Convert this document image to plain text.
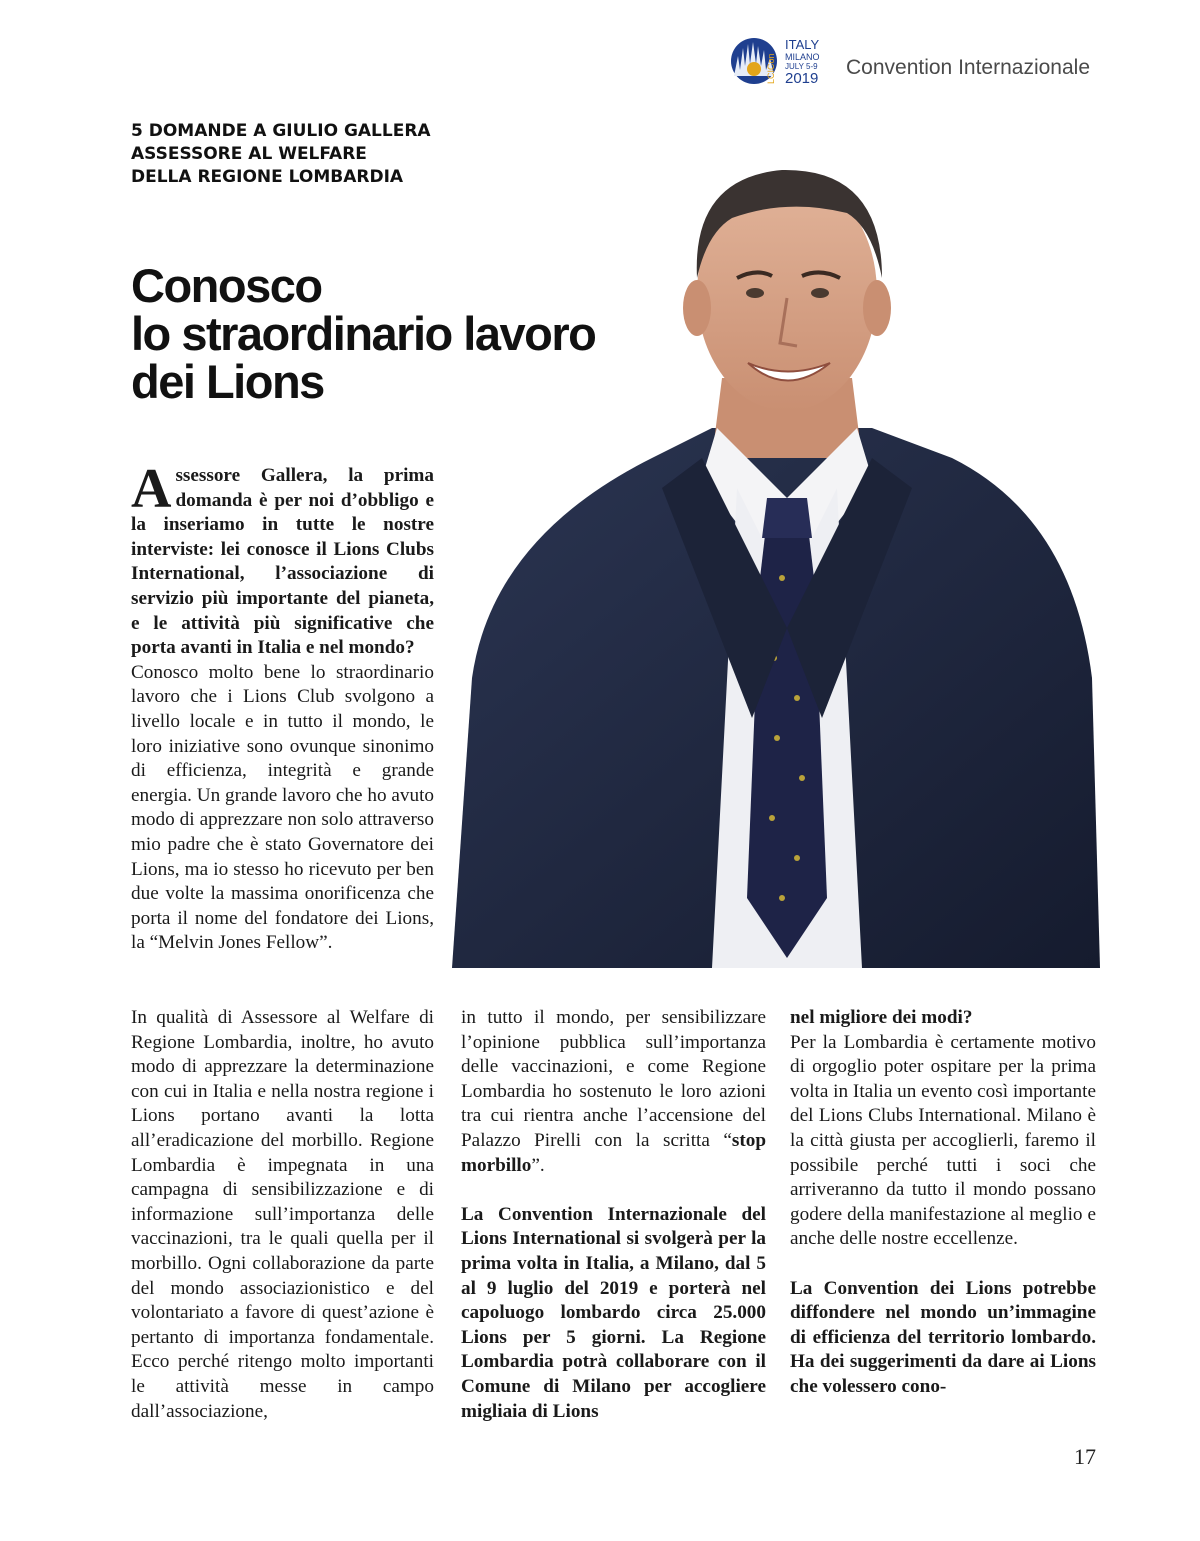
LCICon
ITALY
MILANO
JULY 5-9
2019 Convention Internazionale
5 DOMANDE A GIULIO GALLERA
ASSESSORE AL WELFARE
DELLA REGIONE LOMBARDIA
Conosco
lo straordinario lavoro
dei Lions

Assessore Gallera, la prima domanda è per noi d’obbligo e la inseriamo in tutte le nostre interviste: lei conosce il Lions Clubs International, l’associazione di servizio più importante del pianeta, e le attività più significative che porta avanti in Italia e nel mondo?

Conosco molto bene lo straordinario lavoro che i Lions Club svolgono a livello locale e in tutto il mondo, le loro iniziative sono ovunque sinonimo di efficienza, integrità e grande energia. Un grande lavoro che ho avuto modo di apprezzare non solo attraverso mio padre che è stato Governatore dei Lions, ma io stesso ho ricevuto per ben due volte la massima onorificenza che porta il nome del fondatore dei Lions, la “Melvin Jones Fellow”.

In qualità di Assessore al Welfare di Regione Lombardia, inoltre, ho avuto modo di apprezzare la determinazione con cui in Italia e nella nostra regione i Lions portano avanti la lotta all’eradicazione del morbillo. Regione Lombardia è impegnata in una campagna di sensibilizzazione e di informazione sull’importanza delle vaccinazioni, tra le quali quella per il morbillo. Ogni collaborazione da parte del mondo associazionistico e del volontariato a favore di quest’azione è pertanto di importanza fondamentale. Ecco perché ritengo molto importanti le attività messe in campo dall’associazione,

in tutto il mondo, per sensibilizzare l’opinione pubblica sull’importanza delle vaccinazioni, e come Regione Lombardia ho sostenuto le loro azioni tra cui rientra anche l’accensione del Palazzo Pirelli con la scritta “stop morbillo”.

La Convention Internazionale del Lions International si svolgerà per la prima volta in Italia, a Milano, dal 5 al 9 luglio del 2019 e porterà nel capoluogo lombardo circa 25.000 Lions per 5 giorni. La Regione Lombardia potrà collaborare con il Comune di Milano per accogliere migliaia di Lions

nel migliore dei modi?

Per la Lombardia è certamente motivo di orgoglio poter ospitare per la prima volta in Italia un evento così importante del Lions Clubs International. Milano è la città giusta per accoglierli, faremo il possibile perché tutti i soci che arriveranno da tutto il mondo possano godere della manifestazione al meglio e anche delle nostre eccellenze.

La Convention dei Lions potrebbe diffondere nel mondo un’immagine di efficienza del territorio lombardo. Ha dei suggerimenti da dare ai Lions che volessero cono-

17
